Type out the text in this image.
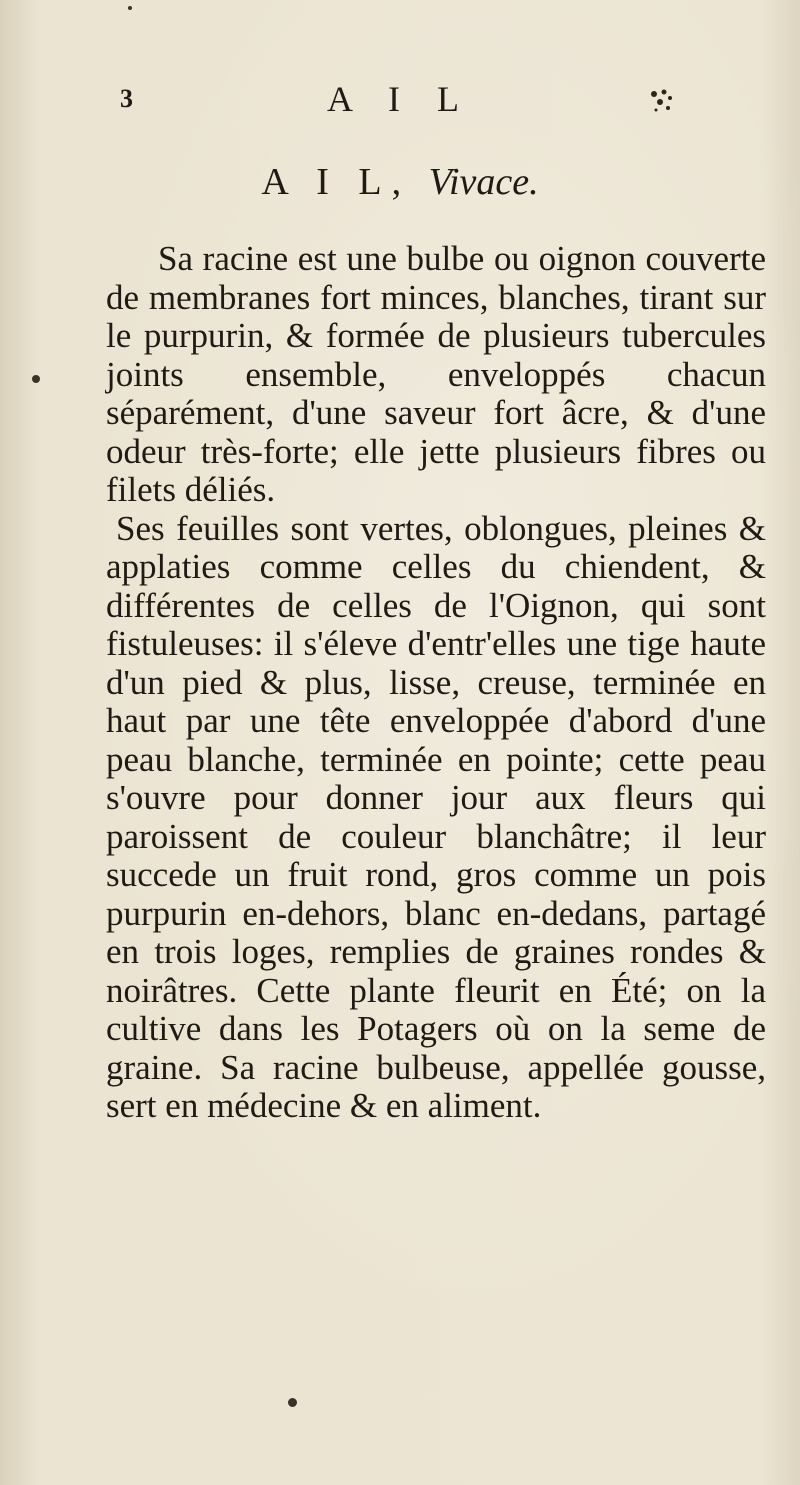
3	A I L
A I L, Vivace.

Sa racine est une bulbe ou oignon couverte de membranes fort minces, blanches, tirant sur le purpurin, & formée de plusieurs tubercules joints ensemble, enveloppés chacun séparément, d'une saveur fort âcre, & d'une odeur très-forte; elle jette plusieurs fibres ou filets déliés.

Ses feuilles sont vertes, oblongues, pleines & applaties comme celles du chiendent, & différentes de celles de l'Oignon, qui sont fistuleuses: il s'éleve d'entr'elles une tige haute d'un pied & plus, lisse, creuse, terminée en haut par une tête enveloppée d'abord d'une peau blanche, terminée en pointe; cette peau s'ouvre pour donner jour aux fleurs qui paroissent de couleur blanchâtre; il leur succede un fruit rond, gros comme un pois purpurin en-dehors, blanc en-dedans, partagé en trois loges, remplies de graines rondes & noirâtres. Cette plante fleurit en Été; on la cultive dans les Potagers où on la seme de graine. Sa racine bulbeuse, appellée gousse, sert en médecine & en aliment.
